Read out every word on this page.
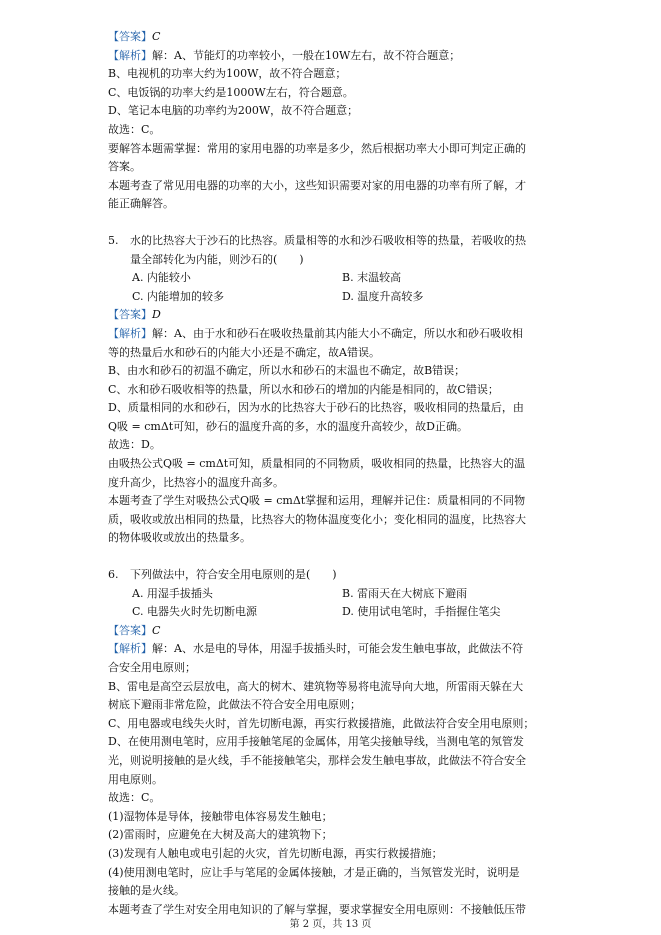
【答案】C
【解析】解：A、节能灯的功率较小，一般在10W左右，故不符合题意；
B、电视机的功率大约为100W，故不符合题意；
C、电饭锅的功率大约是1000W左右，符合题意。
D、笔记本电脑的功率约为200W，故不符合题意；
故选：C。
要解答本题需掌握：常用的家用电器的功率是多少，然后根据功率大小即可判定正确的
答案。
本题考查了常见用电器的功率的大小，这些知识需要对家的用电器的功率有所了解，才
能正确解答。
5. 水的比热容大于沙石的比热容。质量相等的水和沙石吸收相等的热量，若吸收的热
量全部转化为内能，则沙石的(　　)
A. 内能较小	B. 末温较高
C. 内能增加的较多	D. 温度升高较多
【答案】D
【解析】解：A、由于水和砂石在吸收热量前其内能大小不确定，所以水和砂石吸收相
等的热量后水和砂石的内能大小还是不确定，故A错误。
B、由水和砂石的初温不确定，所以水和砂石的末温也不确定，故B错误；
C、水和砂石吸收相等的热量，所以水和砂石的增加的内能是相同的，故C错误；
D、质量相同的水和砂石，因为水的比热容大于砂石的比热容，吸收相同的热量后，由
Q吸 = cmΔt可知，砂石的温度升高的多，水的温度升高较少，故D正确。
故选：D。
由吸热公式Q吸 = cmΔt可知，质量相同的不同物质，吸收相同的热量，比热容大的温
度升高少，比热容小的温度升高多。
本题考查了学生对吸热公式Q吸 = cmΔt掌握和运用，理解并记住：质量相同的不同物
质，吸收或放出相同的热量，比热容大的物体温度变化小；变化相同的温度，比热容大
的物体吸收或放出的热量多。
6. 下列做法中，符合安全用电原则的是(　　)
A. 用湿手拔插头	B. 雷雨天在大树底下避雨
C. 电器失火时先切断电源	D. 使用试电笔时，手指握住笔尖
【答案】C
【解析】解：A、水是电的导体，用湿手拔插头时，可能会发生触电事故，此做法不符
合安全用电原则；
B、雷电是高空云层放电，高大的树木、建筑物等易将电流导向大地，所雷雨天躲在大
树底下避雨非常危险，此做法不符合安全用电原则；
C、用电器或电线失火时，首先切断电源，再实行救援措施，此做法符合安全用电原则；
D、在使用测电笔时，应用手接触笔尾的金属体，用笔尖接触导线，当测电笔的氖管发
光，则说明接触的是火线，手不能接触笔尖，那样会发生触电事故，此做法不符合安全
用电原则。
故选：C。
(1)湿物体是导体，接触带电体容易发生触电；
(2)雷雨时，应避免在大树及高大的建筑物下；
(3)发现有人触电或电引起的火灾，首先切断电源，再实行救援措施；
(4)使用测电笔时，应让手与笔尾的金属体接触，才是正确的，当氖管发光时，说明是
接触的是火线。
本题考查了学生对安全用电知识的了解与掌握，要求掌握安全用电原则：不接触低压带
第 2 页，共 13 页
